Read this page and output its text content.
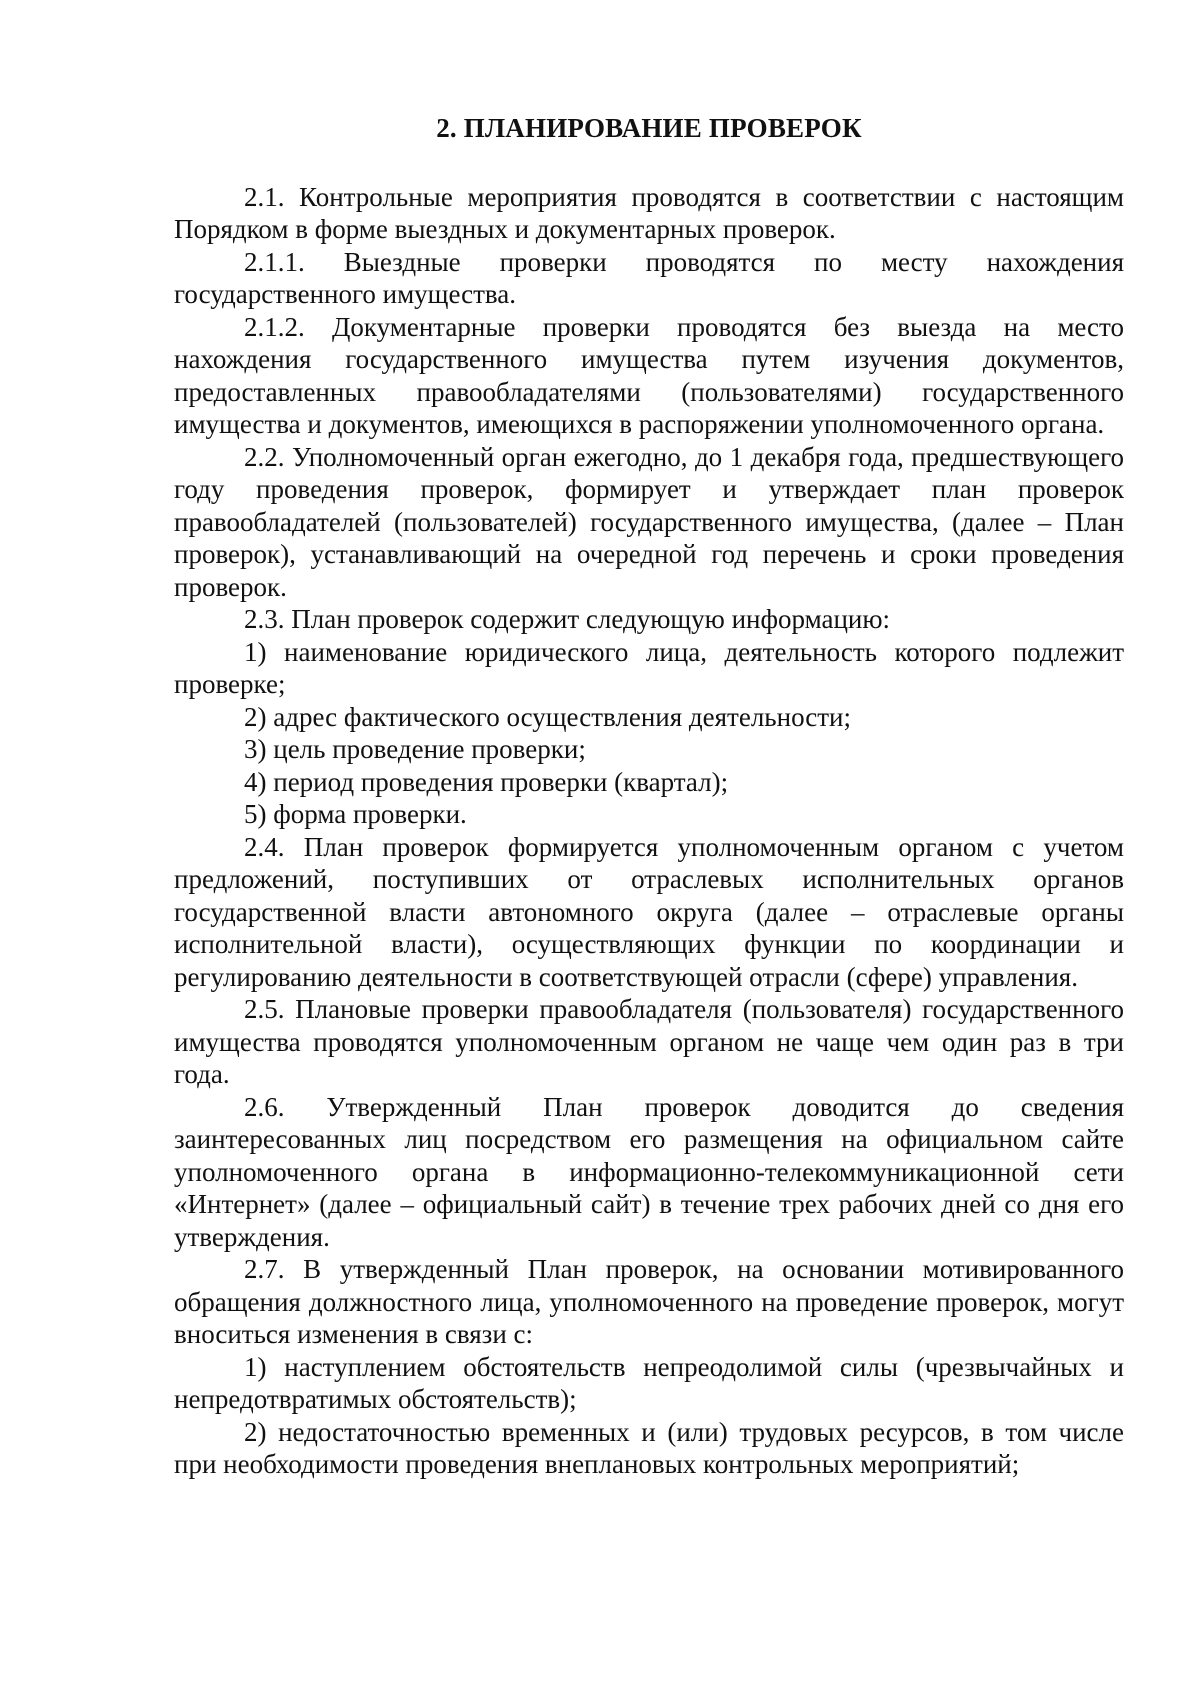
2. ПЛАНИРОВАНИЕ ПРОВЕРОК

2.1. Контрольные мероприятия проводятся в соответствии с настоящим Порядком в форме выездных и документарных проверок.

2.1.1. Выездные проверки проводятся по месту нахождения государственного имущества.

2.1.2. Документарные проверки проводятся без выезда на место нахождения государственного имущества путем изучения документов, предоставленных правообладателями (пользователями) государственного имущества и документов, имеющихся в распоряжении уполномоченного органа.

2.2. Уполномоченный орган ежегодно, до 1 декабря года, предшествующего году проведения проверок, формирует и утверждает план проверок правообладателей (пользователей) государственного имущества, (далее – План проверок), устанавливающий на очередной год перечень и сроки проведения проверок.

2.3. План проверок содержит следующую информацию:

1) наименование юридического лица, деятельность которого подлежит проверке;

2) адрес фактического осуществления деятельности;

3) цель проведение проверки;

4) период проведения проверки (квартал);

5) форма проверки.

2.4. План проверок формируется уполномоченным органом с учетом предложений, поступивших от отраслевых исполнительных органов государственной власти автономного округа (далее – отраслевые органы исполнительной власти), осуществляющих функции по координации и регулированию деятельности в соответствующей отрасли (сфере) управления.

2.5. Плановые проверки правообладателя (пользователя) государственного имущества проводятся уполномоченным органом не чаще чем один раз в три года.

2.6. Утвержденный План проверок доводится до сведения заинтересованных лиц посредством его размещения на официальном сайте уполномоченного органа в информационно-телекоммуникационной сети «Интернет» (далее – официальный сайт) в течение трех рабочих дней со дня его утверждения.

2.7. В утвержденный План проверок, на основании мотивированного обращения должностного лица, уполномоченного на проведение проверок, могут вноситься изменения в связи с:

1) наступлением обстоятельств непреодолимой силы (чрезвычайных и непредотвратимых обстоятельств);

2) недостаточностью временных и (или) трудовых ресурсов, в том числе при необходимости проведения внеплановых контрольных мероприятий;
